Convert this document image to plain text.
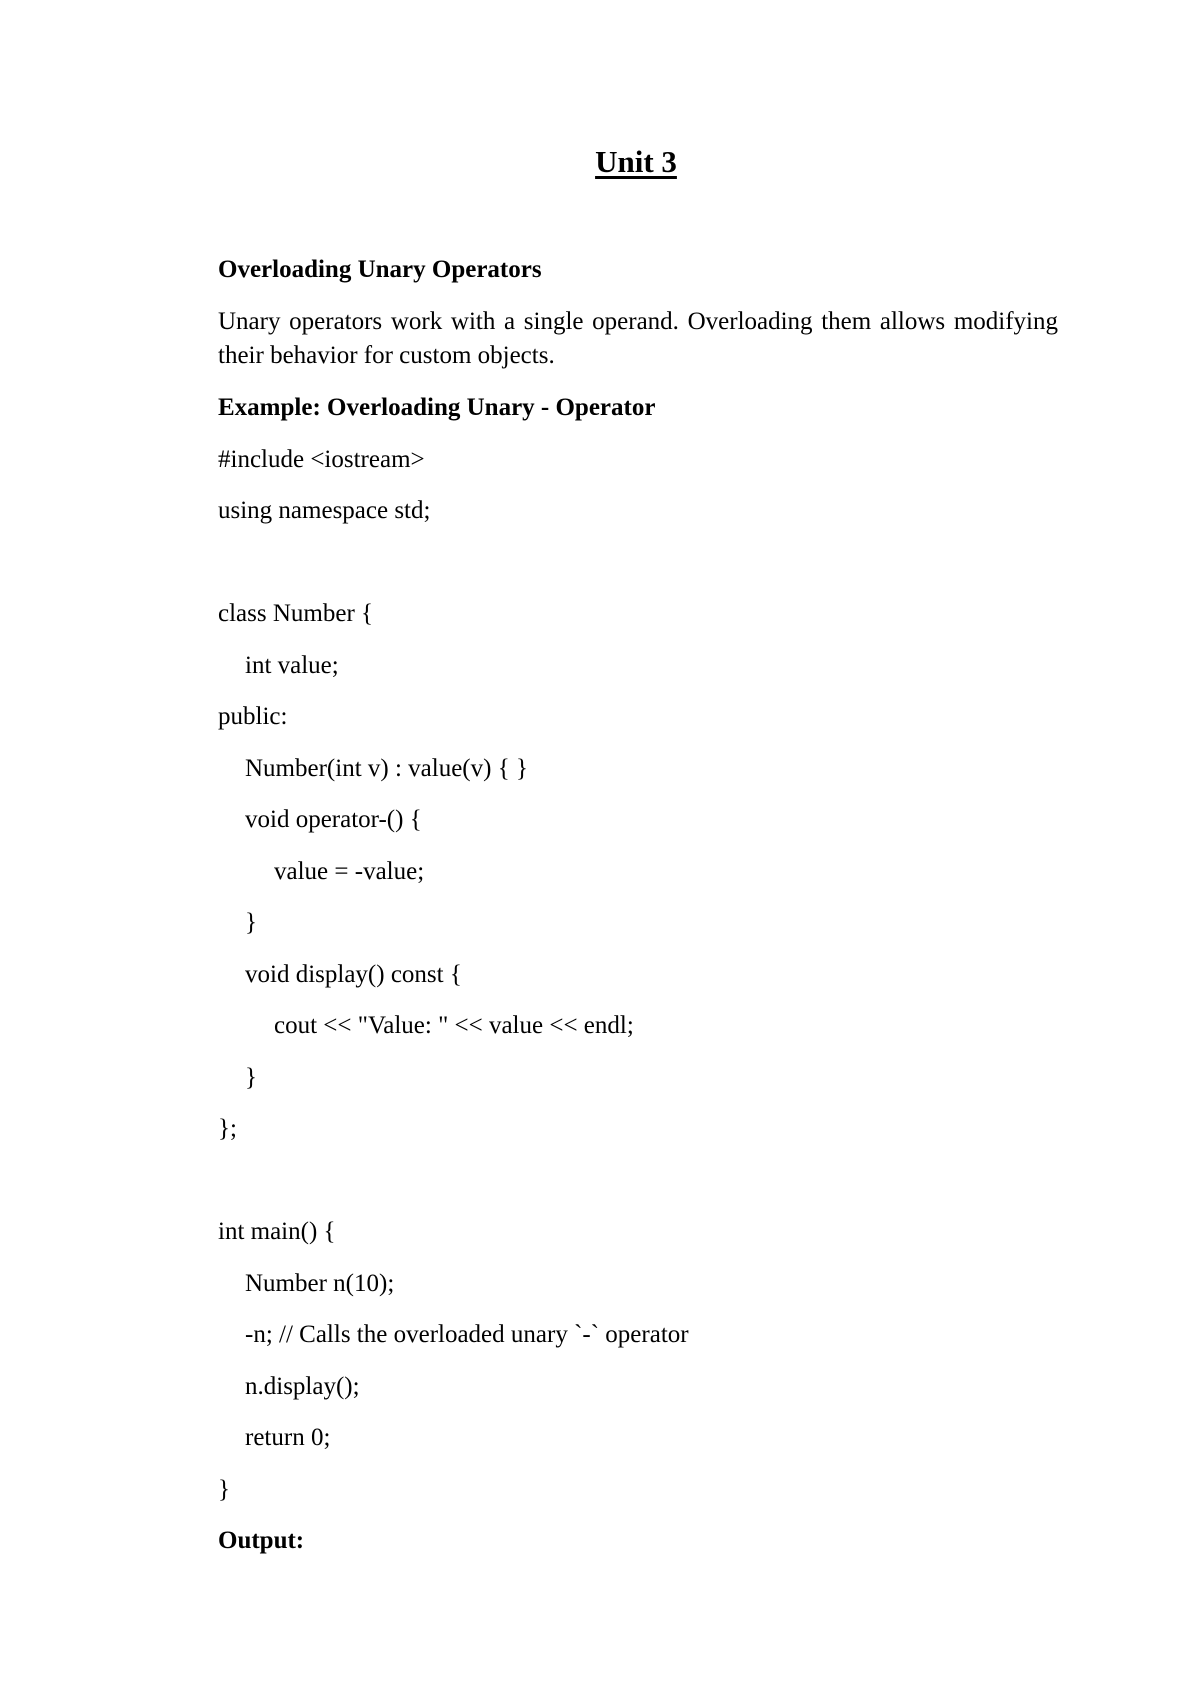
Unit 3

Overloading Unary Operators

Unary operators work with a single operand. Overloading them allows modifying their behavior for custom objects.

Example: Overloading Unary - Operator

#include <iostream>

using namespace std;

class Number {

int value;

public:

Number(int v) : value(v) { }

void operator-() {

value = -value;

}

void display() const {

cout << "Value: " << value << endl;

}

};

int main() {

Number n(10);

-n; // Calls the overloaded unary `-` operator

n.display();

return 0;

}

Output:
